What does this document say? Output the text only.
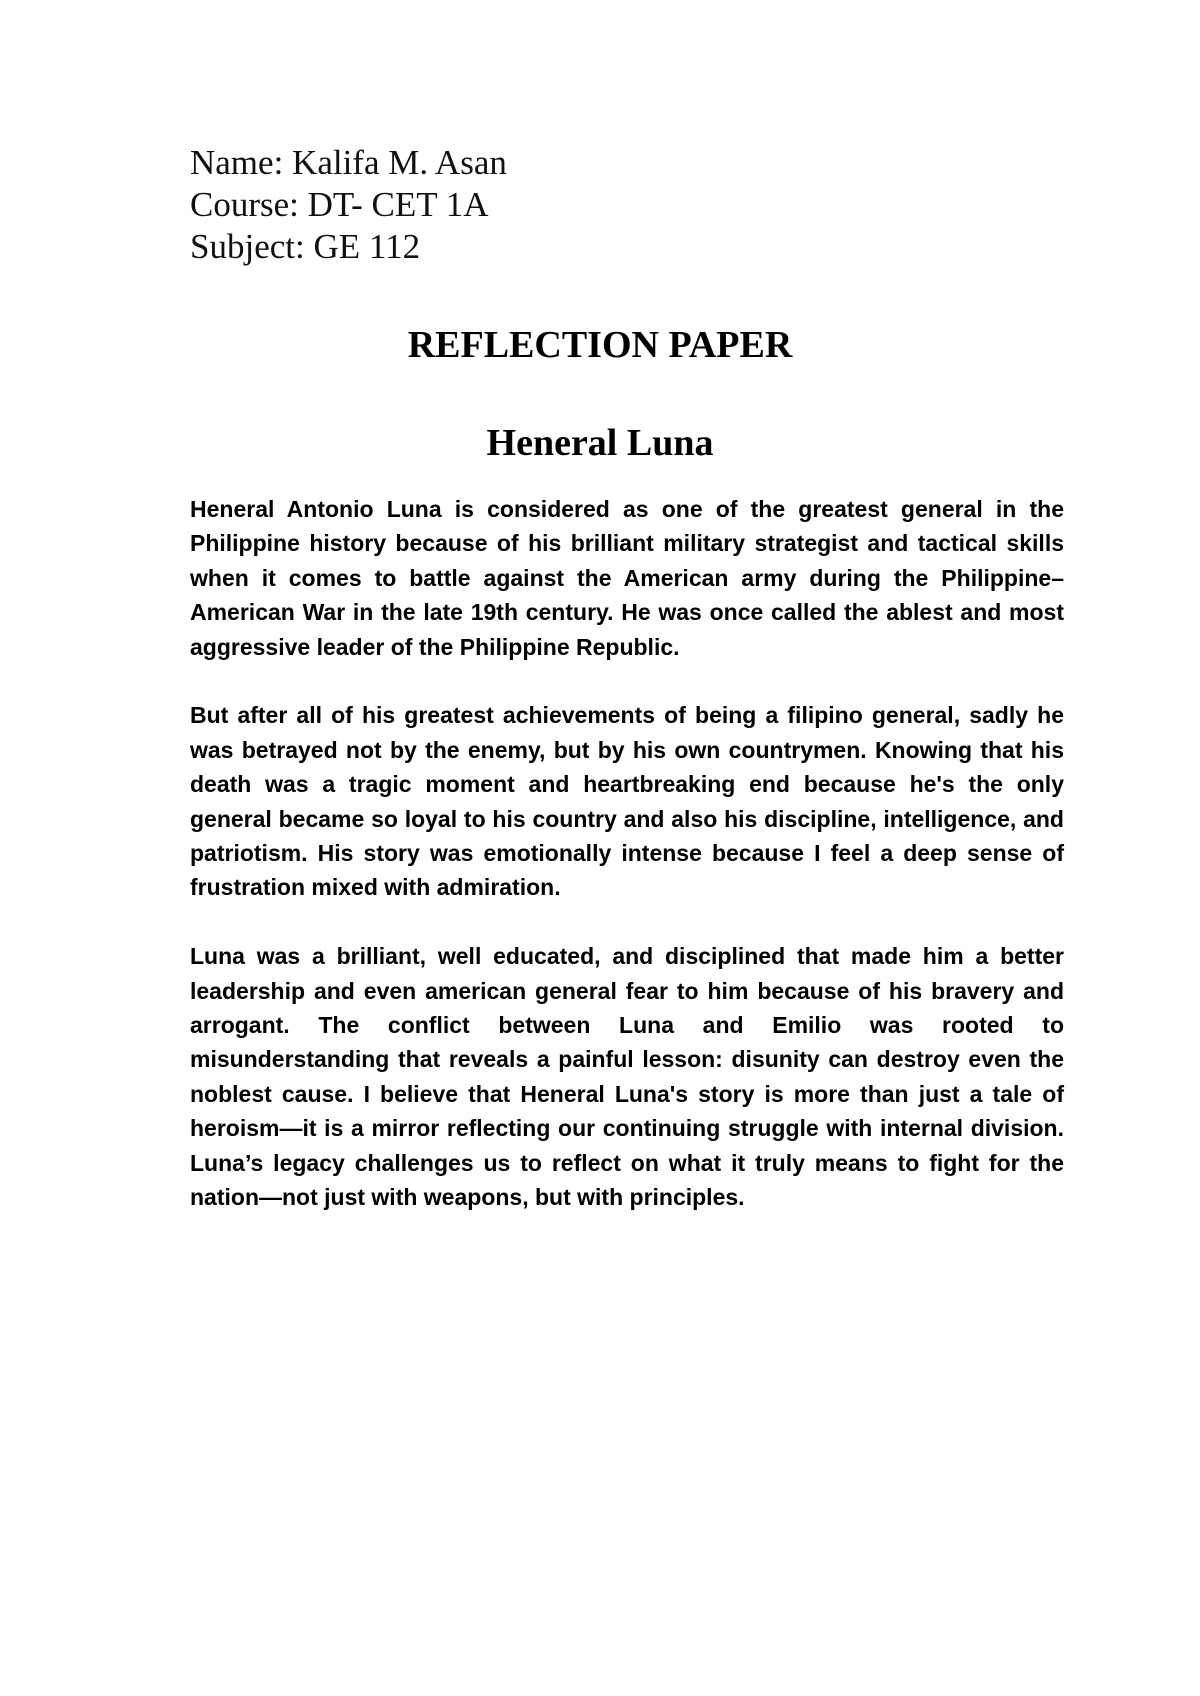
Name: Kalifa M. Asan
Course: DT- CET 1A
Subject: GE 112
REFLECTION PAPER
Heneral Luna

Heneral Antonio Luna is considered as one of the greatest general in the Philippine history because of his brilliant military strategist and tactical skills when it comes to battle against the American army during the Philippine–American War in the late 19th century. He was once called the ablest and most aggressive leader of the Philippine Republic.

But after all of his greatest achievements of being a filipino general, sadly he was betrayed not by the enemy, but by his own countrymen. Knowing that his death was a tragic moment and heartbreaking end because he's the only general became so loyal to his country and also his discipline, intelligence, and patriotism. His story was emotionally intense because I feel a deep sense of frustration mixed with admiration.

Luna was a brilliant, well educated, and disciplined that made him a better leadership and even american general fear to him because of his bravery and arrogant. The conflict between Luna and Emilio was rooted to misunderstanding that reveals a painful lesson: disunity can destroy even the noblest cause. I believe that Heneral Luna's story is more than just a tale of heroism—it is a mirror reflecting our continuing struggle with internal division. Luna’s legacy challenges us to reflect on what it truly means to fight for the nation—not just with weapons, but with principles.
